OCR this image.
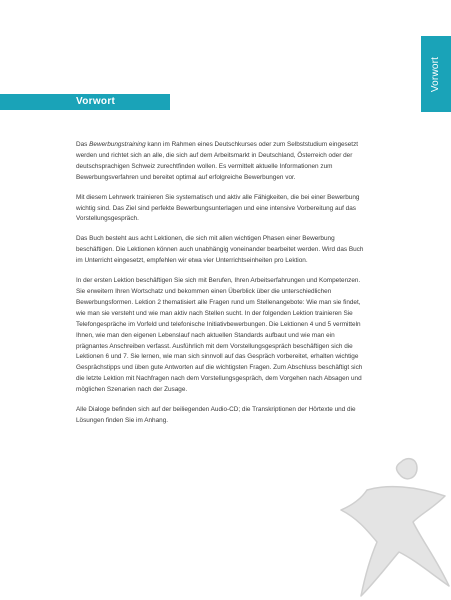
Vorwort
Vorwort

Das Bewerbungstraining kann im Rahmen eines Deutschkurses oder zum Selbststudium eingesetzt werden und richtet sich an alle, die sich auf dem Arbeitsmarkt in Deutschland, Österreich oder der deutschsprachigen Schweiz zurechtfinden wollen. Es vermittelt aktuelle Informationen zum Bewerbungsverfahren und bereitet optimal auf erfolgreiche Bewerbungen vor.

Mit diesem Lehrwerk trainieren Sie systematisch und aktiv alle Fähigkeiten, die bei einer Bewerbung wichtig sind. Das Ziel sind perfekte Bewerbungsunterlagen und eine intensive Vorbereitung auf das Vorstellungsgespräch.

Das Buch besteht aus acht Lektionen, die sich mit allen wichtigen Phasen einer Bewerbung beschäftigen. Die Lektionen können auch unabhängig voneinander bearbeitet werden. Wird das Buch im Unterricht eingesetzt, empfehlen wir etwa vier Unterrichtseinheiten pro Lektion.

In der ersten Lektion beschäftigen Sie sich mit Berufen, Ihren Arbeitserfahrungen und Kompetenzen. Sie erweitern Ihren Wortschatz und bekommen einen Überblick über die unterschiedlichen Bewerbungsformen. Lektion 2 thematisiert alle Fragen rund um Stellenangebote: Wie man sie findet, wie man sie versteht und wie man aktiv nach Stellen sucht. In der folgenden Lektion trainieren Sie Telefongespräche im Vorfeld und telefonische Initiativbewerbungen. Die Lektionen 4 und 5 vermitteln Ihnen, wie man den eigenen Lebenslauf nach aktuellen Standards aufbaut und wie man ein prägnantes Anschreiben verfasst. Ausführlich mit dem Vorstellungsgespräch beschäftigen sich die Lektionen 6 und 7. Sie lernen, wie man sich sinnvoll auf das Gespräch vorbereitet, erhalten wichtige Gesprächstipps und üben gute Antworten auf die wichtigsten Fragen. Zum Abschluss beschäftigt sich die letzte Lektion mit Nachfragen nach dem Vorstellungsgespräch, dem Vorgehen nach Absagen und möglichen Szenarien nach der Zusage.

Alle Dialoge befinden sich auf der beiliegenden Audio-CD; die Transkriptionen der Hörtexte und die Lösungen finden Sie im Anhang.
